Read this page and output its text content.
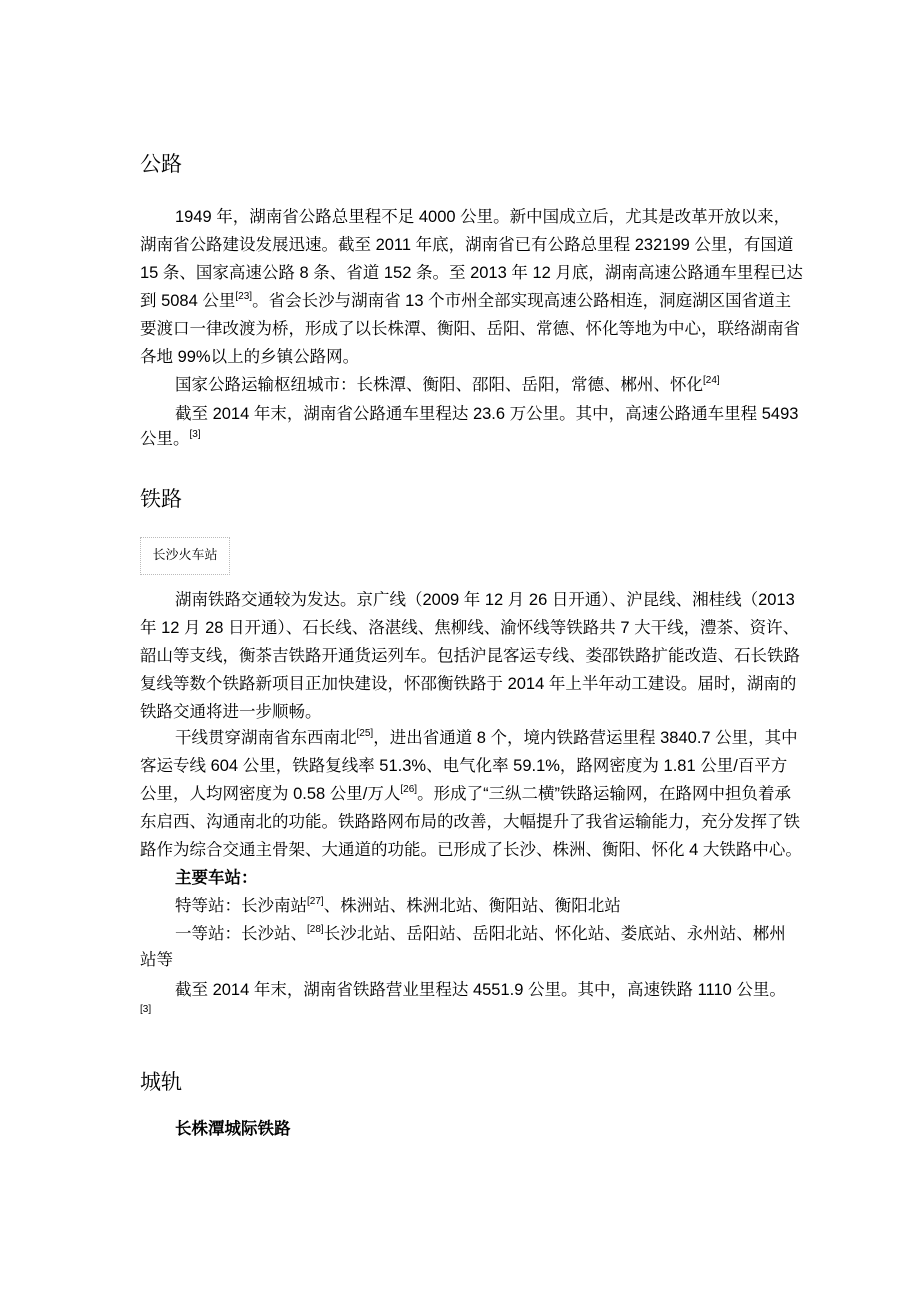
公路
1949 年，湖南省公路总里程不足 4000 公里。新中国成立后，尤其是改革开放以来，
湖南省公路建设发展迅速。截至 2011 年底，湖南省已有公路总里程 232199 公里，有国道
15 条、国家高速公路 8 条、省道 152 条。至 2013 年 12 月底，湖南高速公路通车里程已达
到 5084 公里[23]。省会长沙与湖南省 13 个市州全部实现高速公路相连，洞庭湖区国省道主
要渡口一律改渡为桥，形成了以长株潭、衡阳、岳阳、常德、怀化等地为中心，联络湖南省
各地 99%以上的乡镇公路网。
国家公路运输枢纽城市：长株潭、衡阳、邵阳、岳阳，常德、郴州、怀化[24]
截至 2014 年末，湖南省公路通车里程达 23.6 万公里。其中，高速公路通车里程 5493
公里。[3]
铁路
长沙火车站
湖南铁路交通较为发达。京广线（2009 年 12 月 26 日开通）、沪昆线、湘桂线（2013
年 12 月 28 日开通）、石长线、洛湛线、焦柳线、渝怀线等铁路共 7 大干线，澧茶、资许、
韶山等支线，衡茶吉铁路开通货运列车。包括沪昆客运专线、娄邵铁路扩能改造、石长铁路
复线等数个铁路新项目正加快建设，怀邵衡铁路于 2014 年上半年动工建设。届时，湖南的
铁路交通将进一步顺畅。
干线贯穿湖南省东西南北[25]，进出省通道 8 个，境内铁路营运里程 3840.7 公里，其中
客运专线 604 公里，铁路复线率 51.3%、电气化率 59.1%，路网密度为 1.81 公里/百平方
公里，人均网密度为 0.58 公里/万人[26]。形成了“三纵二横”铁路运输网，在路网中担负着承
东启西、沟通南北的功能。铁路路网布局的改善，大幅提升了我省运输能力，充分发挥了铁
路作为综合交通主骨架、大通道的功能。已形成了长沙、株洲、衡阳、怀化 4 大铁路中心。
主要车站：
特等站：长沙南站[27]、株洲站、株洲北站、衡阳站、衡阳北站
一等站：长沙站、[28]长沙北站、岳阳站、岳阳北站、怀化站、娄底站、永州站、郴州
站等
截至 2014 年末，湖南省铁路营业里程达 4551.9 公里。其中，高速铁路 1110 公里。
[3]
城轨
长株潭城际铁路
